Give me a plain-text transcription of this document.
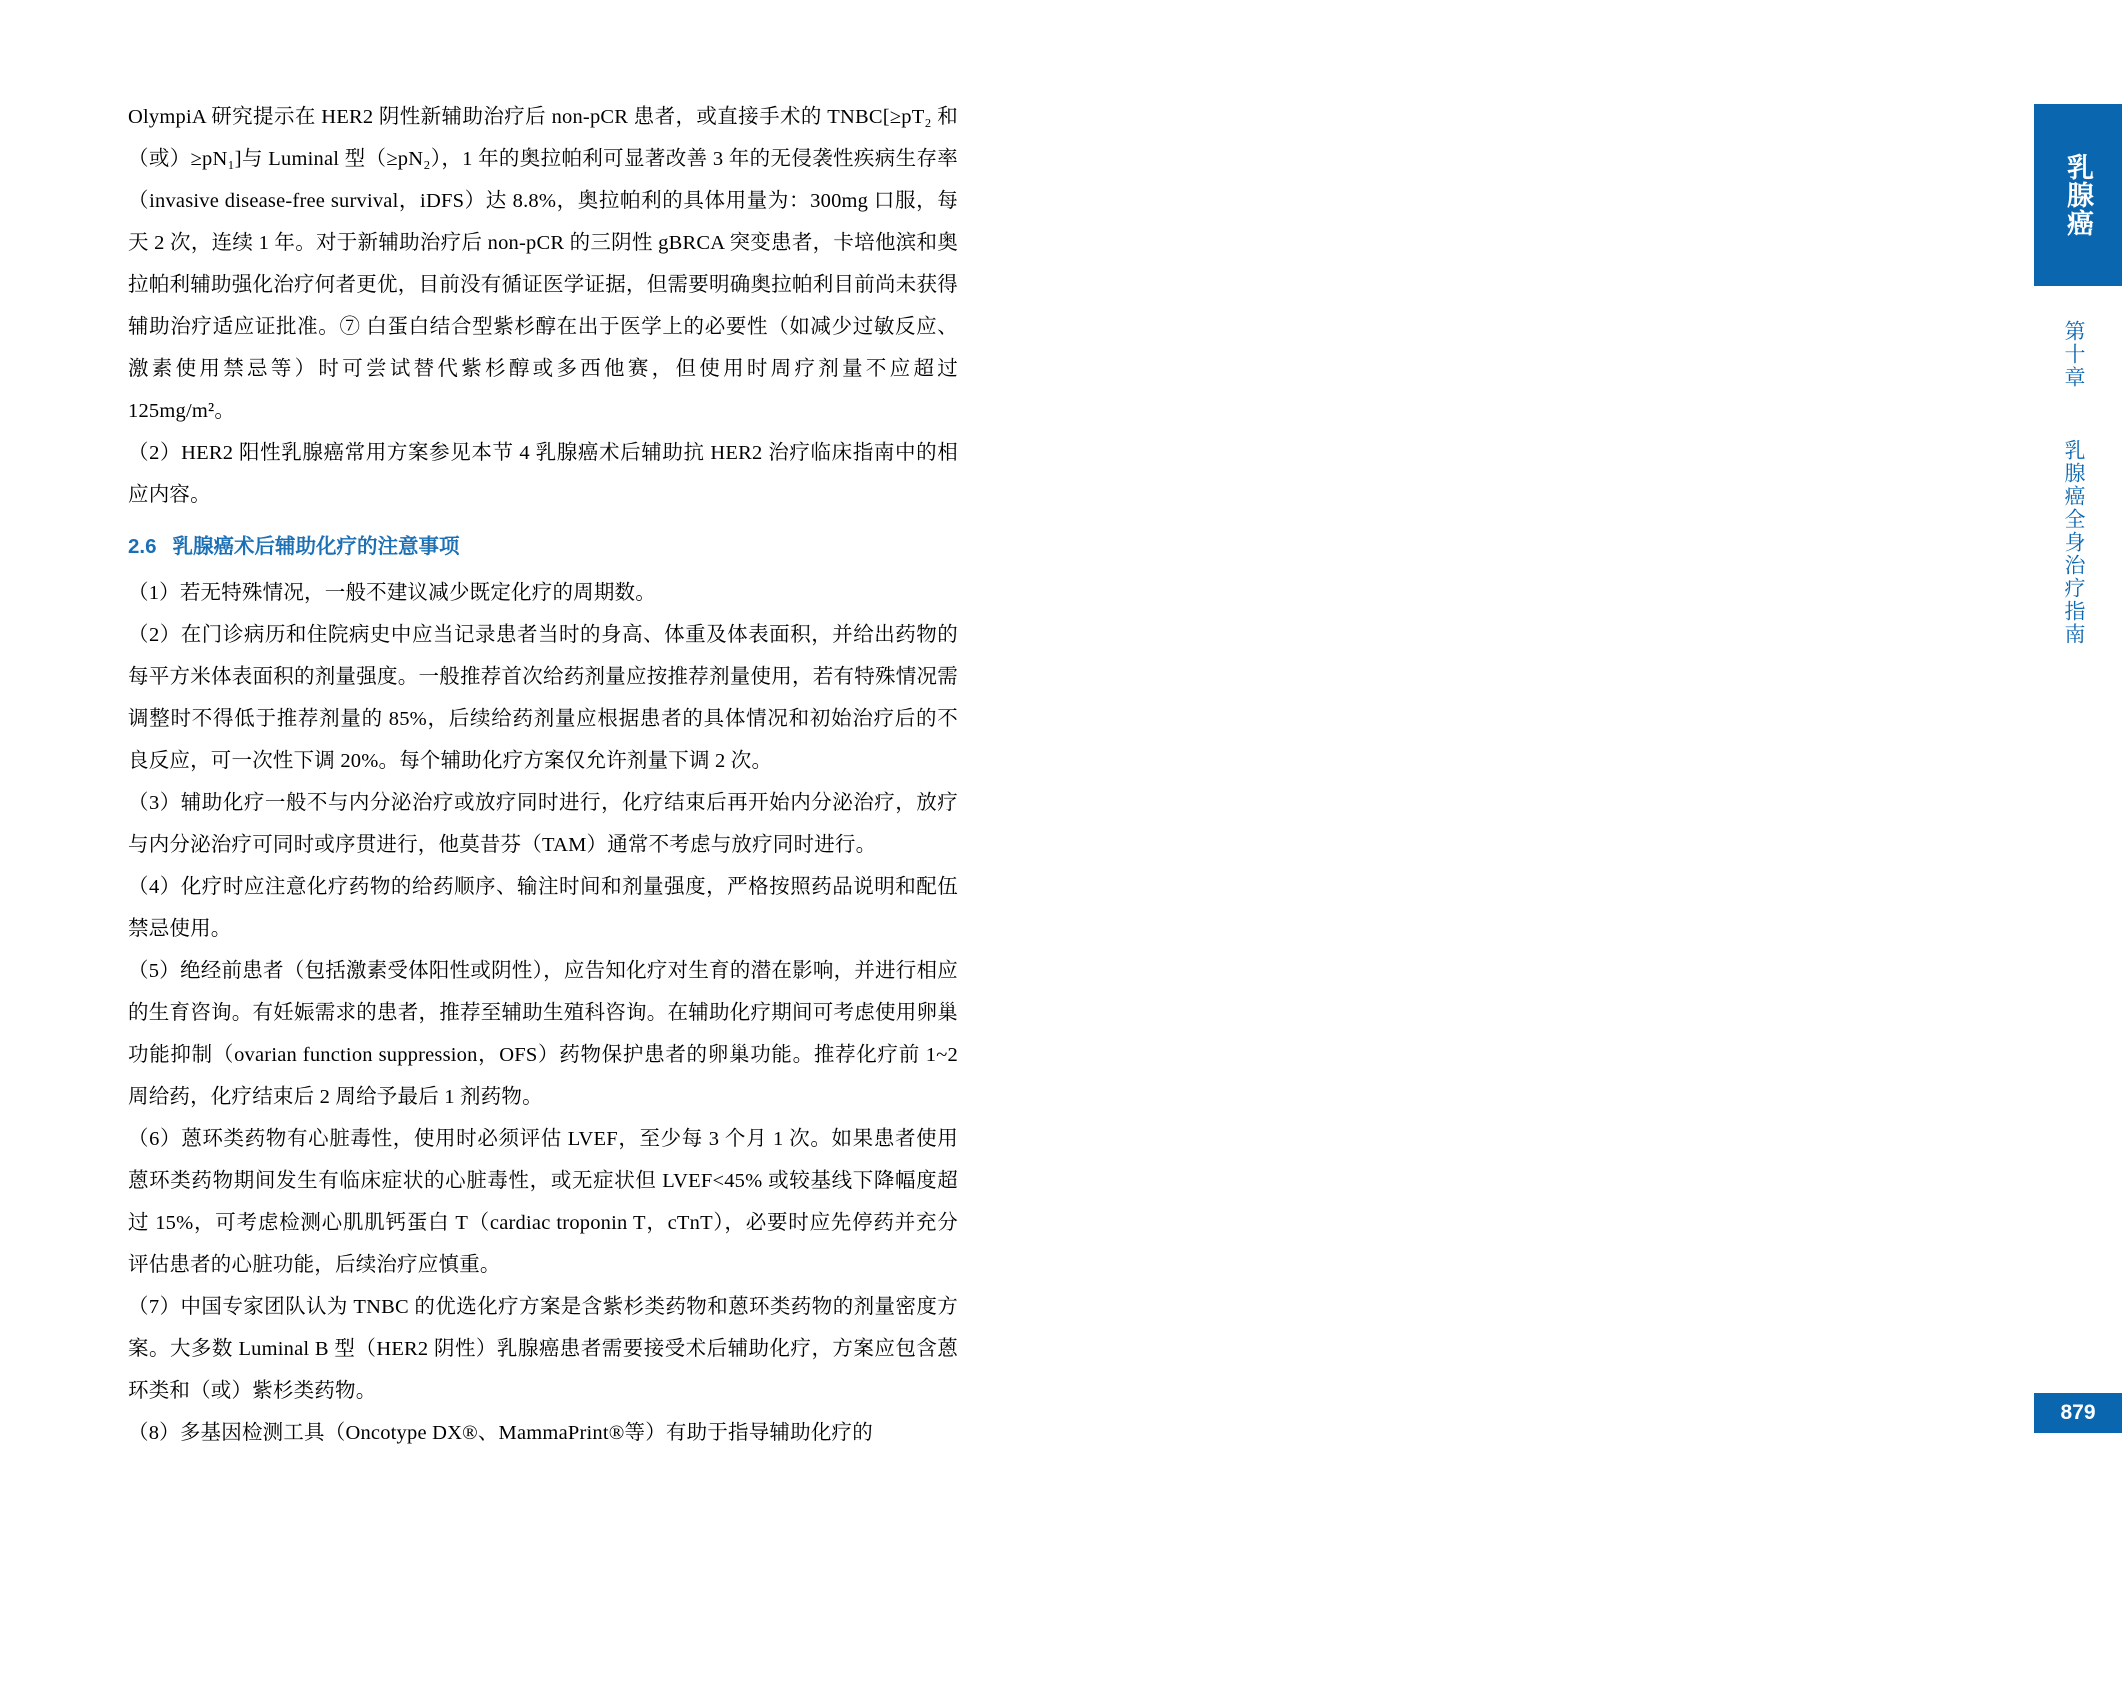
OlympiA 研究提示在 HER2 阴性新辅助治疗后 non-pCR 患者，或直接手术的 TNBC[≥pT₂ 和（或）≥pN₁]与 Luminal 型（≥pN₂），1 年的奥拉帕利可显著改善 3 年的无侵袭性疾病生存率（invasive disease-free survival，iDFS）达 8.8%，奥拉帕利的具体用量为：300mg 口服，每天 2 次，连续 1 年。对于新辅助治疗后 non-pCR 的三阴性 gBRCA 突变患者，卡培他滨和奥拉帕利辅助强化治疗何者更优，目前没有循证医学证据，但需要明确奥拉帕利目前尚未获得辅助治疗适应证批准。⑦ 白蛋白结合型紫杉醇在出于医学上的必要性（如减少过敏反应、激素使用禁忌等）时可尝试替代紫杉醇或多西他赛，但使用时周疗剂量不应超过 125mg/m²。

（2）HER2 阳性乳腺癌常用方案参见本节 4 乳腺癌术后辅助抗 HER2 治疗临床指南中的相应内容。

2.6 乳腺癌术后辅助化疗的注意事项

（1）若无特殊情况，一般不建议减少既定化疗的周期数。

（2）在门诊病历和住院病史中应当记录患者当时的身高、体重及体表面积，并给出药物的每平方米体表面积的剂量强度。一般推荐首次给药剂量应按推荐剂量使用，若有特殊情况需调整时不得低于推荐剂量的 85%，后续给药剂量应根据患者的具体情况和初始治疗后的不良反应，可一次性下调 20%。每个辅助化疗方案仅允许剂量下调 2 次。

（3）辅助化疗一般不与内分泌治疗或放疗同时进行，化疗结束后再开始内分泌治疗，放疗与内分泌治疗可同时或序贯进行，他莫昔芬（TAM）通常不考虑与放疗同时进行。

（4）化疗时应注意化疗药物的给药顺序、输注时间和剂量强度，严格按照药品说明和配伍禁忌使用。

（5）绝经前患者（包括激素受体阳性或阴性），应告知化疗对生育的潜在影响，并进行相应的生育咨询。有妊娠需求的患者，推荐至辅助生殖科咨询。在辅助化疗期间可考虑使用卵巢功能抑制（ovarian function suppression，OFS）药物保护患者的卵巢功能。推荐化疗前 1~2 周给药，化疗结束后 2 周给予最后 1 剂药物。

（6）蒽环类药物有心脏毒性，使用时必须评估 LVEF，至少每 3 个月 1 次。如果患者使用蒽环类药物期间发生有临床症状的心脏毒性，或无症状但 LVEF<45% 或较基线下降幅度超过 15%，可考虑检测心肌肌钙蛋白 T（cardiac troponin T，cTnT），必要时应先停药并充分评估患者的心脏功能，后续治疗应慎重。

（7）中国专家团队认为 TNBC 的优选化疗方案是含紫杉类药物和蒽环类药物的剂量密度方案。大多数 Luminal B 型（HER2 阴性）乳腺癌患者需要接受术后辅助化疗，方案应包含蒽环类和（或）紫杉类药物。

（8）多基因检测工具（Oncotype DX®、MammaPrint®等）有助于指导辅助化疗的

乳腺癌
第十章  乳腺癌全身治疗指南
879
